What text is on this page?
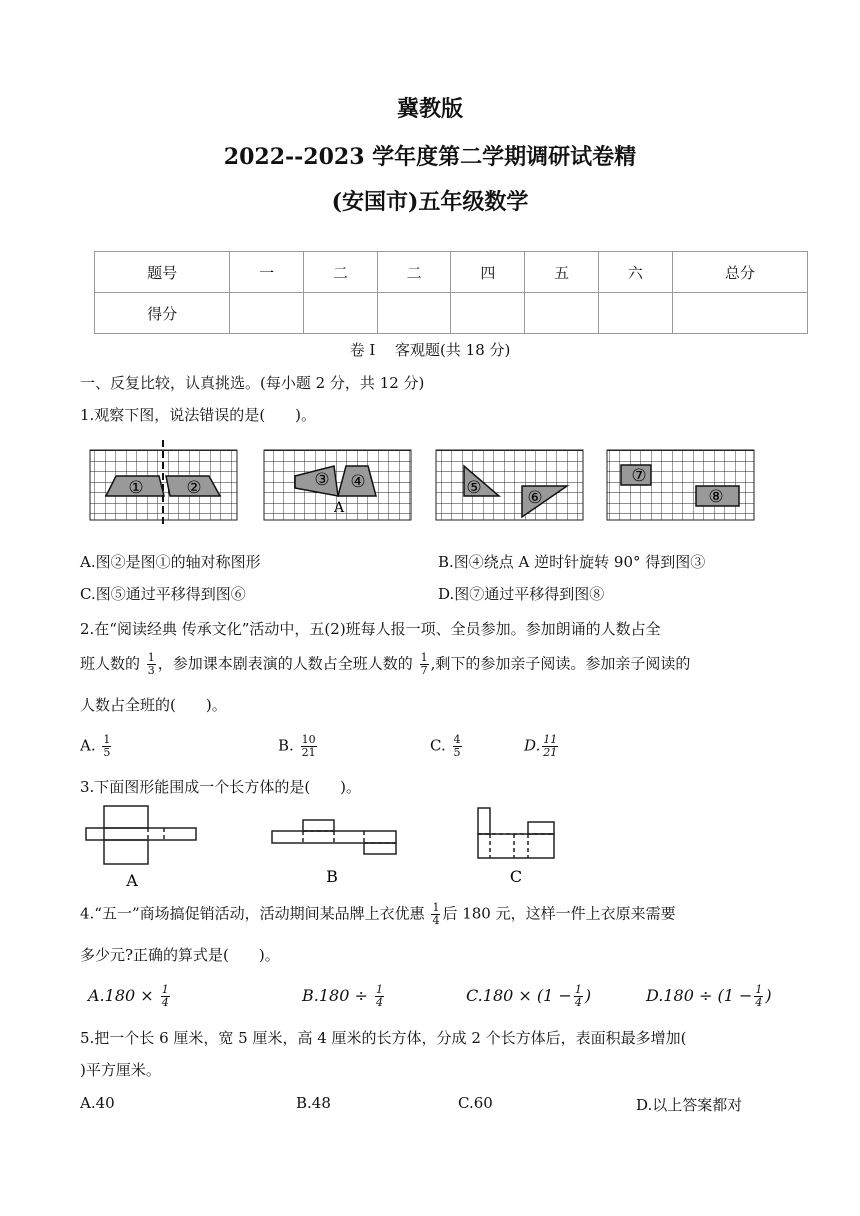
冀教版
2022--2023 学年度第二学期调研试卷精
(安国市)五年级数学
题号	一	二	二	四	五	六	总分
得分							
卷 I　 客观题(共 18 分)
一、反复比较，认真挑选。(每小题 2 分，共 12 分)
1.观察下图，说法错误的是(　　)。
①	②	③ ④
A
⑤	⑥
⑦
⑧
A.图②是图①的轴对称图形	B.图④绕点 A 逆时针旋转 90° 得到图③
C.图⑤通过平移得到图⑥	D.图⑦通过平移得到图⑧
2.在“阅读经典 传承文化”活动中，五(2)班每人报一项、全员参加。参加朗诵的人数占全
班人数的 $\frac{1}{3}$ ，参加课本剧表演的人数占全班人数的 $\frac{1}{7}$ ,剩下的参加亲子阅读。参加亲子阅读的
人数占全班的(　　)。
A. $\frac{1}{5}$	B. $\frac{10}{21}$	C. $\frac{4}{5}$	D. $\frac{11}{21}$
3.下面图形能围成一个长方体的是(　　)。
A	B	C
4.“五一”商场搞促销活动，活动期间某品牌上衣优惠 $\frac{1}{4}$ 后 180 元，这样一件上衣原来需要
多少元?正确的算式是(　　)。
$A.180 \times \frac{1}{4}$	$B.180 \div \frac{1}{4}$	$C.180 \times (1 - \frac{1}{4}$ )	$D.180 \div (1 - \frac{1}{4}$ )
5.把一个长 6 厘米，宽 5 厘米，高 4 厘米的长方体，分成 2 个长方体后，表面积最多增加(
)平方厘米。
A.40	B.48	C.60	D.以上答案都对
